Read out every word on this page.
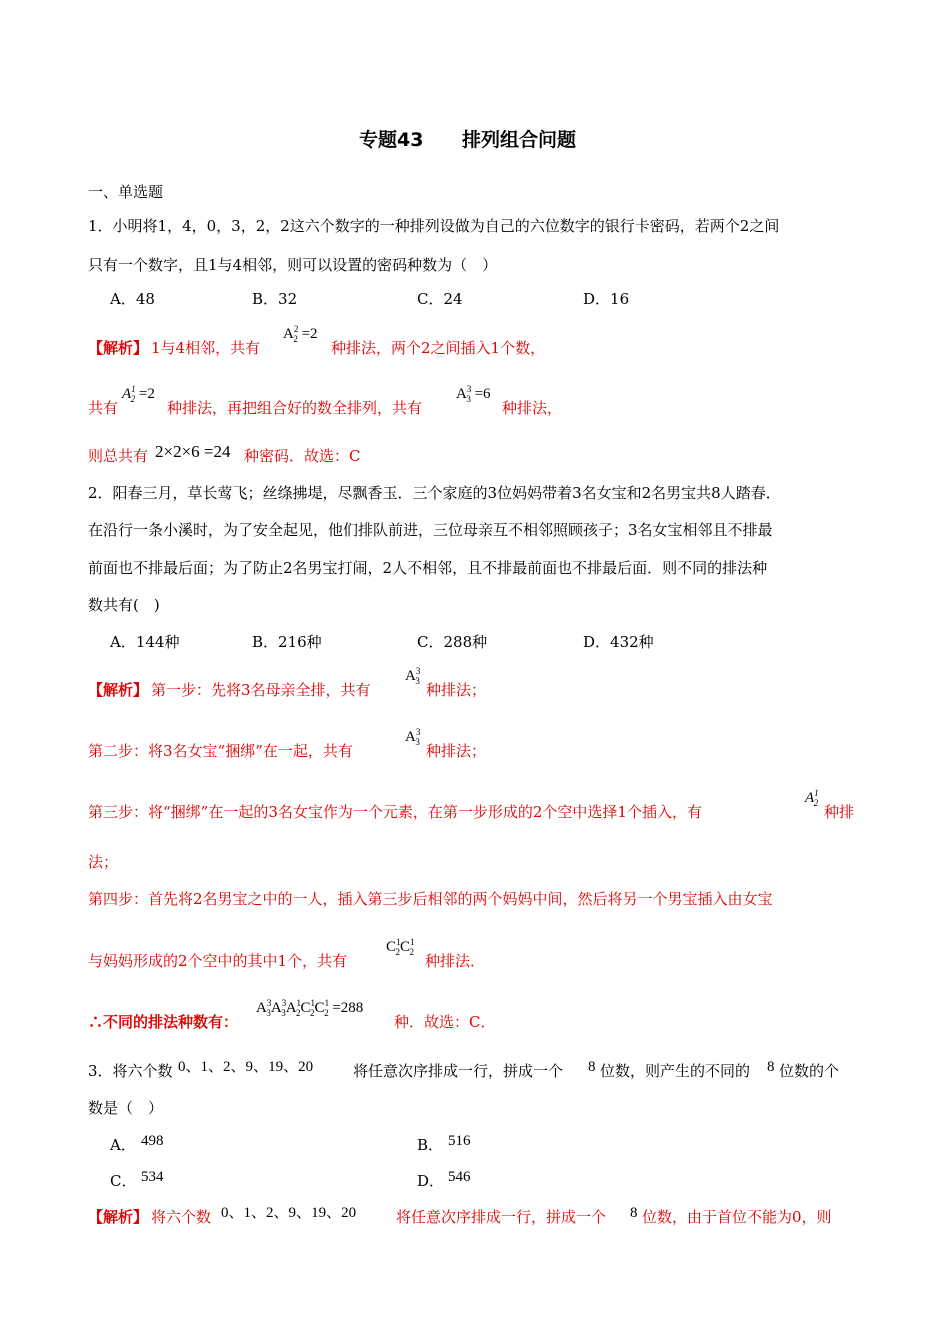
专题43 排列组合问题
一、单选题
1．小明将1，4，0，3，2，2这六个数字的一种排列设做为自己的六位数字的银行卡密码，若两个2之间
只有一个数字，且1与4相邻，则可以设置的密码种数为（　）
A．48	B．32	C．24	D．16
【解析】 1与4相邻，共有
$A^2_2 =2$
种排法，两个2之间插入1个数，
共有
$A^1_2 =2$
种排法，再把组合好的数全排列，共有
$A^3_3 =6$
种排法，
则总共有 2×2×6 =24 种密码．故选：C
2．阳春三月，草长莺飞；丝绦拂堤，尽飘香玉．三个家庭的3位妈妈带着3名女宝和2名男宝共8人踏春．
在沿行一条小溪时，为了安全起见，他们排队前进，三位母亲互不相邻照顾孩子；3名女宝相邻且不排最
前面也不排最后面；为了防止2名男宝打闹，2人不相邻，且不排最前面也不排最后面．则不同的排法种
数共有(　)
A．144种	B．216种	C．288种	D．432种
【解析】 第一步：先将3名母亲全排，共有
$A^3_3$ 种排法；
第二步：将3名女宝“捆绑”在一起，共有
$A^3_3$ 种排法；
第三步：将“捆绑”在一起的3名女宝作为一个元素，在第一步形成的2个空中选择1个插入，有
$A^1_2$ 种排
法；
第四步：首先将2名男宝之中的一人，插入第三步后相邻的两个妈妈中间，然后将另一个男宝插入由女宝
与妈妈形成的2个空中的其中1个，共有
$C^1_2C^1_2$ 种排法．
∴不同的排法种数有：
$A^3_3A^3_3A^1_2C^1_2C^1_2 =288$
种．故选：C．
3．将六个数 0、1、2、9、19、20	将任意次序排成一行，拼成一个 8 位数，则产生的不同的 8 位数的个
数是（　）
A． 498	B． 516
C． 534	D． 546
【解析】 将六个数 0、1、2、9、19、20	将任意次序排成一行，拼成一个 8 位数，由于首位不能为0，则
